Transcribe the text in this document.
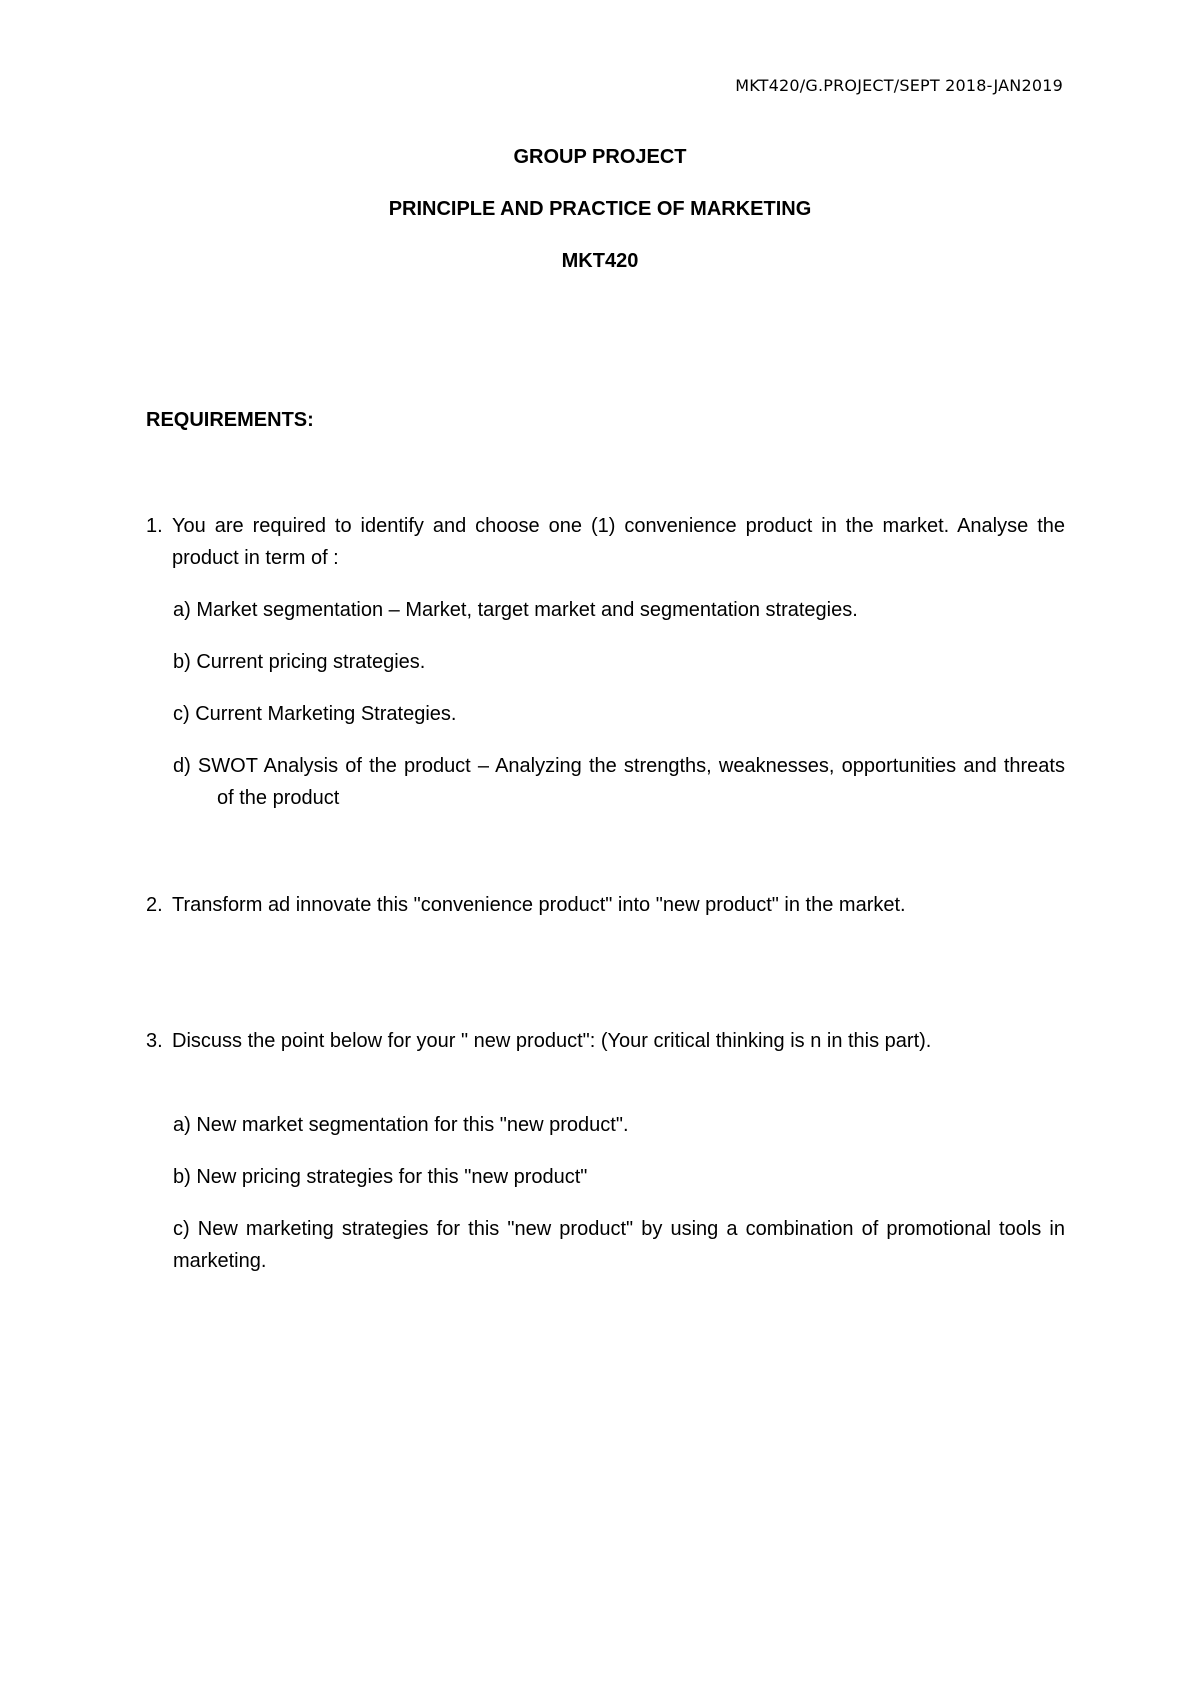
MKT420/G.PROJECT/SEPT 2018-JAN2019
GROUP PROJECT
PRINCIPLE AND PRACTICE OF MARKETING
MKT420
REQUIREMENTS:
1. You are required to identify and choose one (1) convenience product in the market. Analyse the product in term of :
a) Market segmentation – Market, target market and segmentation strategies.
b) Current pricing strategies.
c) Current Marketing Strategies.
d) SWOT Analysis of the product – Analyzing the strengths, weaknesses, opportunities and threats of the product
2. Transform ad innovate this "convenience product" into "new product" in the market.
3. Discuss the point below for your " new product": (Your critical thinking is n in this part).
a) New market segmentation for this "new product".
b) New pricing strategies for this "new product"
c) New marketing strategies for this "new product" by using a combination of promotional tools in marketing.
